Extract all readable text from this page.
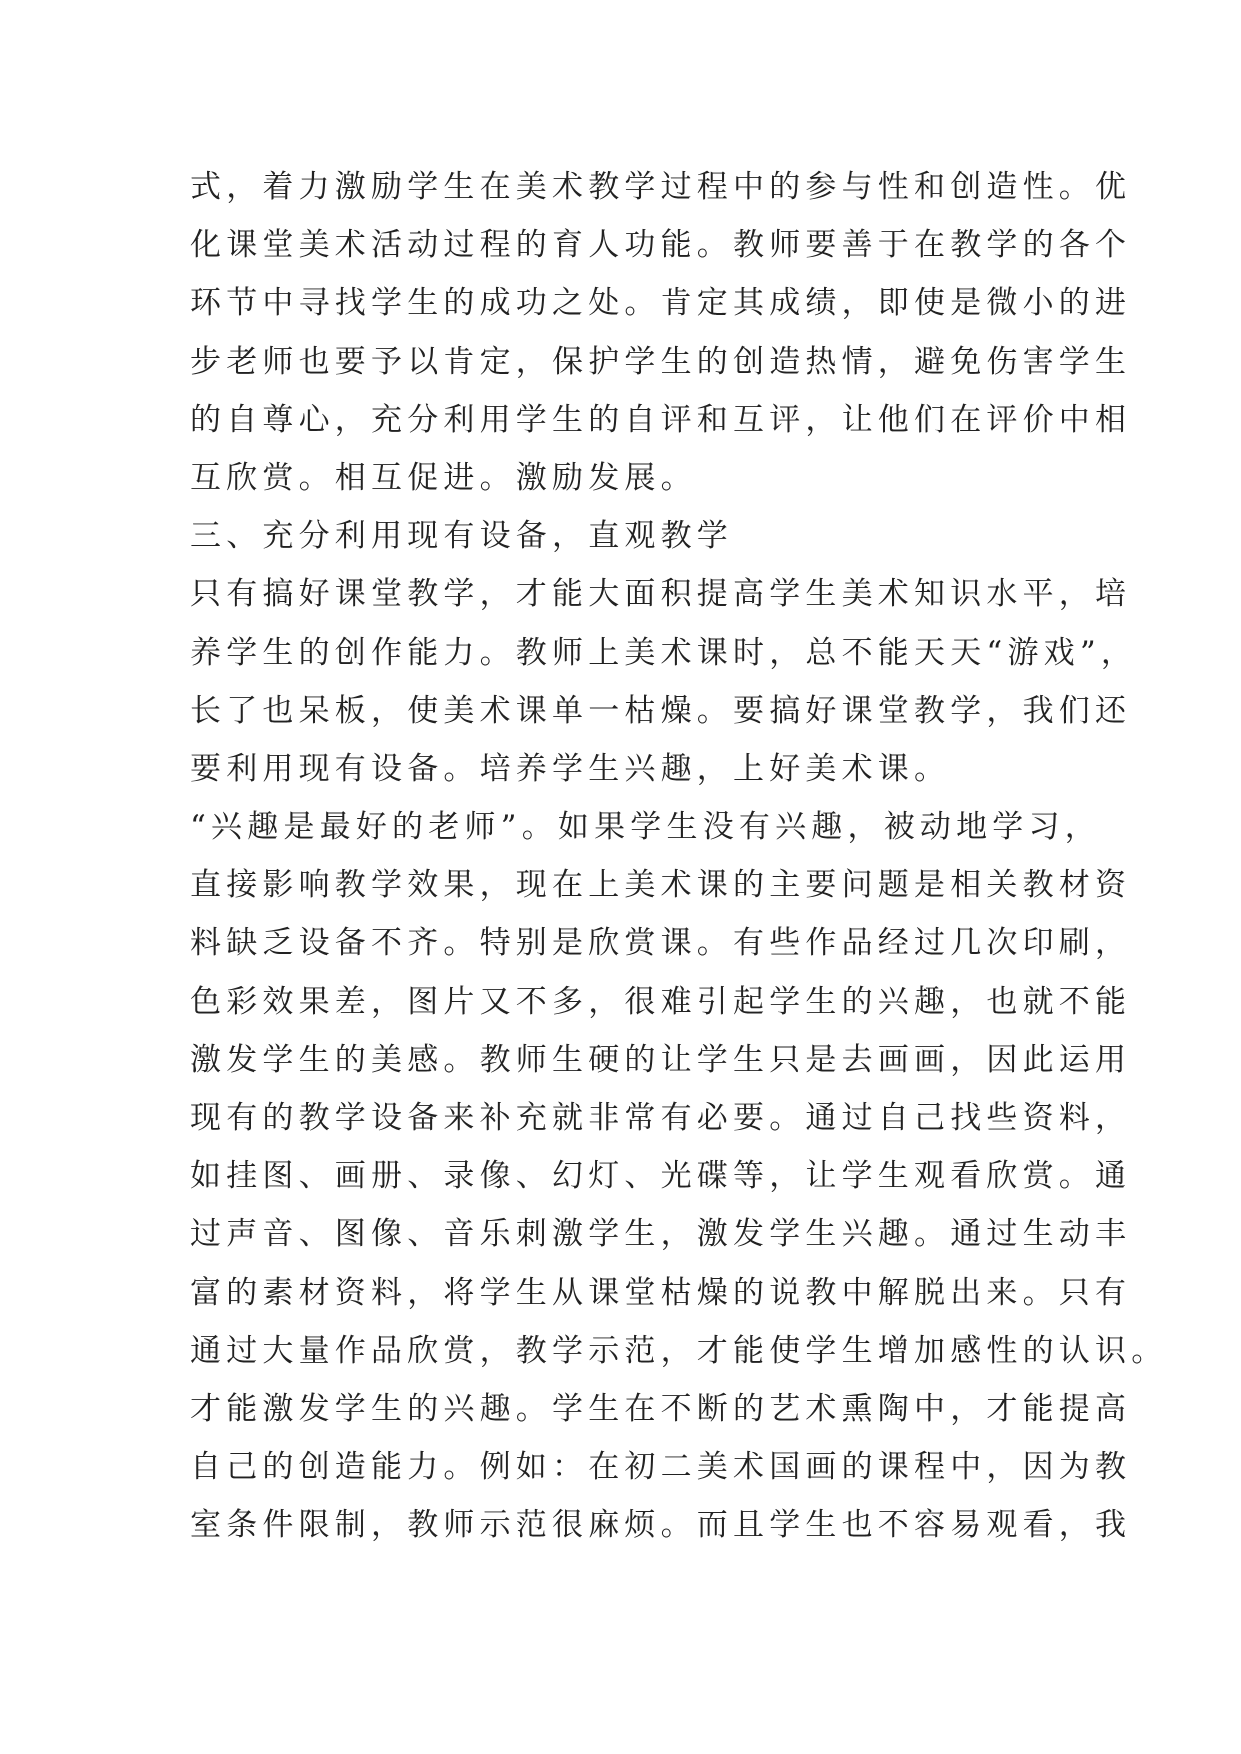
式，着力激励学生在美术教学过程中的参与性和创造性。优
化课堂美术活动过程的育人功能。教师要善于在教学的各个
环节中寻找学生的成功之处。肯定其成绩，即使是微小的进
步老师也要予以肯定，保护学生的创造热情，避免伤害学生
的自尊心，充分利用学生的自评和互评，让他们在评价中相
互欣赏。相互促进。激励发展。
三、充分利用现有设备，直观教学
只有搞好课堂教学，才能大面积提高学生美术知识水平，培
养学生的创作能力。教师上美术课时，总不能天天“游戏”，
长了也呆板，使美术课单一枯燥。要搞好课堂教学，我们还
要利用现有设备。培养学生兴趣，上好美术课。
“兴趣是最好的老师”。如果学生没有兴趣，被动地学习，
直接影响教学效果，现在上美术课的主要问题是相关教材资
料缺乏设备不齐。特别是欣赏课。有些作品经过几次印刷，
色彩效果差，图片又不多，很难引起学生的兴趣，也就不能
激发学生的美感。教师生硬的让学生只是去画画，因此运用
现有的教学设备来补充就非常有必要。通过自己找些资料，
如挂图、画册、录像、幻灯、光碟等，让学生观看欣赏。通
过声音、图像、音乐刺激学生，激发学生兴趣。通过生动丰
富的素材资料，将学生从课堂枯燥的说教中解脱出来。只有
通过大量作品欣赏，教学示范，才能使学生增加感性的认识。
才能激发学生的兴趣。学生在不断的艺术熏陶中，才能提高
自己的创造能力。例如：在初二美术国画的课程中，因为教
室条件限制，教师示范很麻烦。而且学生也不容易观看，我
